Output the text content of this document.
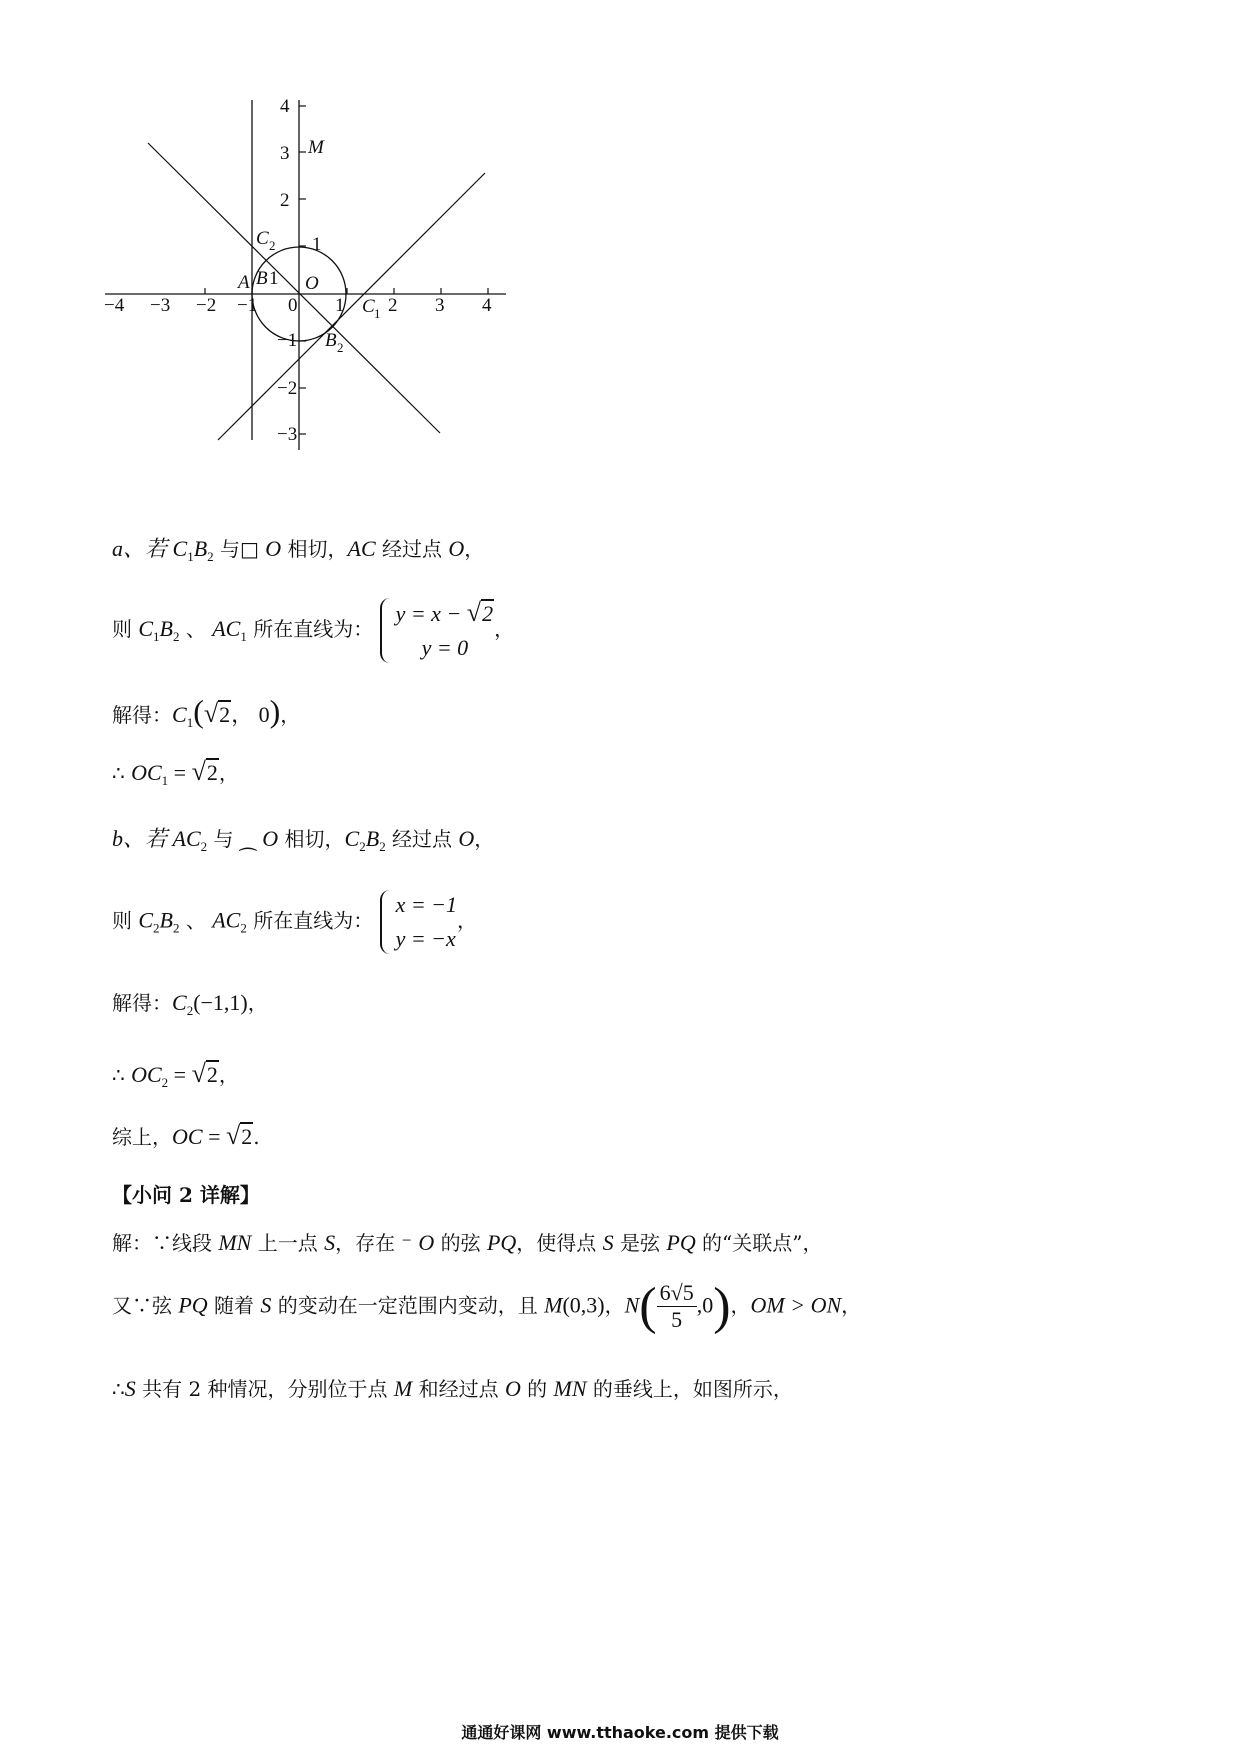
−4 −3 −2 −1 0 1 2 3 4
4
3
2
1
−1
−2
−3
M
A B 1 O
C 2
C 1
B 2
a、若 $C_1B_2$ 与□ O 相切，AC 经过点 O，
则 $C_1B_2$ 、 $AC_1$ 所在直线为：
y = x − √2
y = 0
，
解得：$C_1(√2$， 0)，
∴ $OC_1 = √2$，
b、若 $AC_2$ 与 ⁔ O 相切，$C_2B_2$ 经过点 O，
则 $C_2B_2$ 、 $AC_2$ 所在直线为：
x = −1
y = −x
，
解得：$C_2(-1,1)$，
∴ $OC_2 = √2$，
综上，OC = √2.
【小问 2 详解】
解：∵线段 MN 上一点 S，存在 ⁻ O 的弦 PQ，使得点 S 是弦 PQ 的“关联点”，
又∵弦 PQ 随着 S 的变动在一定范围内变动，且 M(0,3)，$N( \frac{6√5}{5} ,0)$，OM > ON，
∴S 共有 2 种情况，分别位于点 M 和经过点 O 的 MN 的垂线上，如图所示，
通通好课网 www.tthaoke.com 提供下载
